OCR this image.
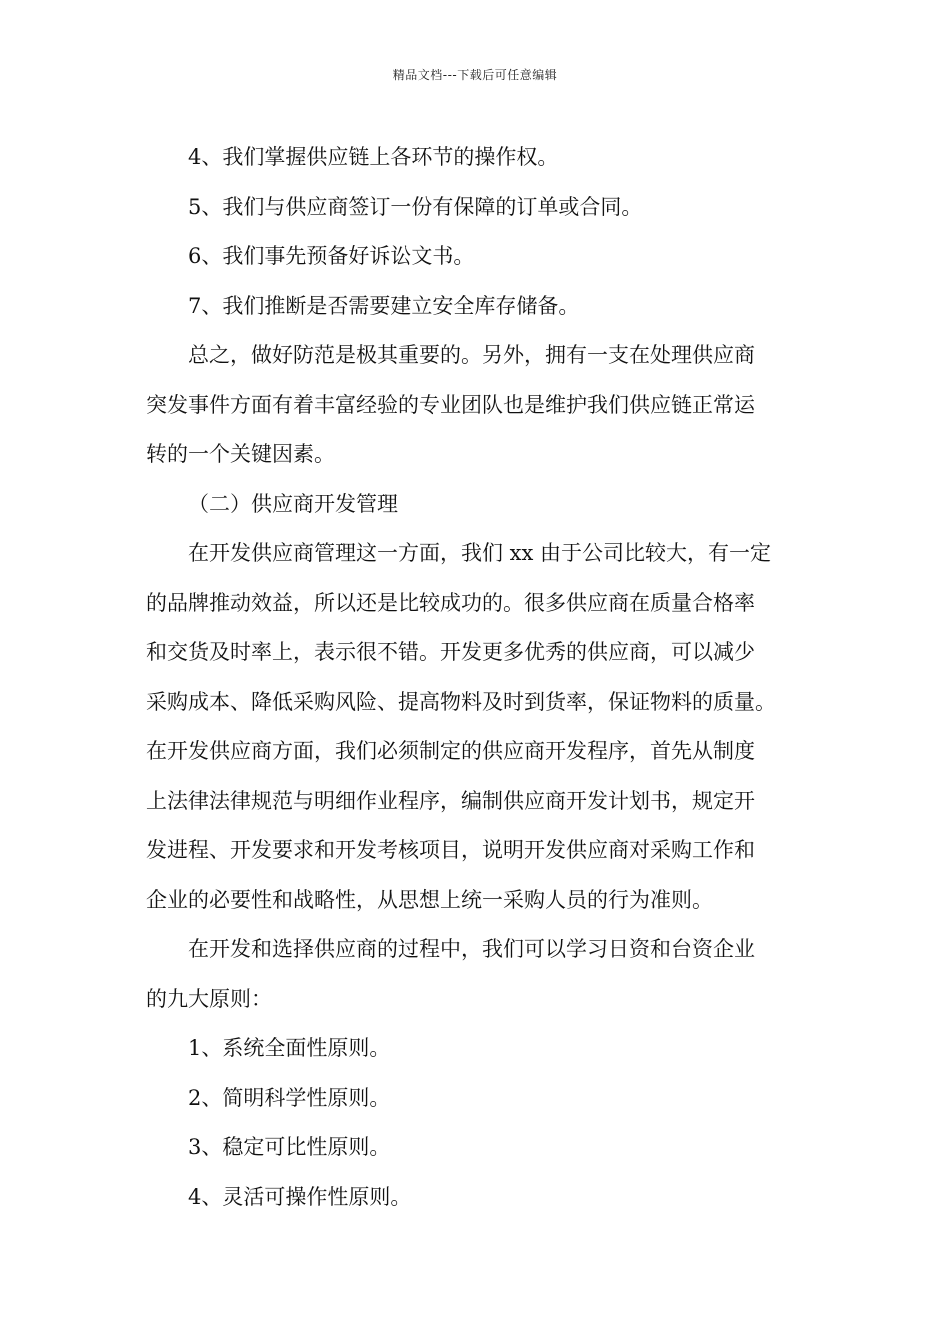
精品文档---下载后可任意编辑
4、我们掌握供应链上各环节的操作权。
5、我们与供应商签订一份有保障的订单或合同。
6、我们事先预备好诉讼文书。
7、我们推断是否需要建立安全库存储备。
总之，做好防范是极其重要的。另外，拥有一支在处理供应商
突发事件方面有着丰富经验的专业团队也是维护我们供应链正常运
转的一个关键因素。
（二）供应商开发管理
在开发供应商管理这一方面，我们 xx 由于公司比较大，有一定
的品牌推动效益，所以还是比较成功的。很多供应商在质量合格率
和交货及时率上，表示很不错。开发更多优秀的供应商，可以减少
采购成本、降低采购风险、提高物料及时到货率，保证物料的质量。
在开发供应商方面，我们必须制定的供应商开发程序，首先从制度
上法律法律规范与明细作业程序，编制供应商开发计划书，规定开
发进程、开发要求和开发考核项目，说明开发供应商对采购工作和
企业的必要性和战略性，从思想上统一采购人员的行为准则。
在开发和选择供应商的过程中，我们可以学习日资和台资企业
的九大原则：
1、系统全面性原则。
2、简明科学性原则。
3、稳定可比性原则。
4、灵活可操作性原则。
